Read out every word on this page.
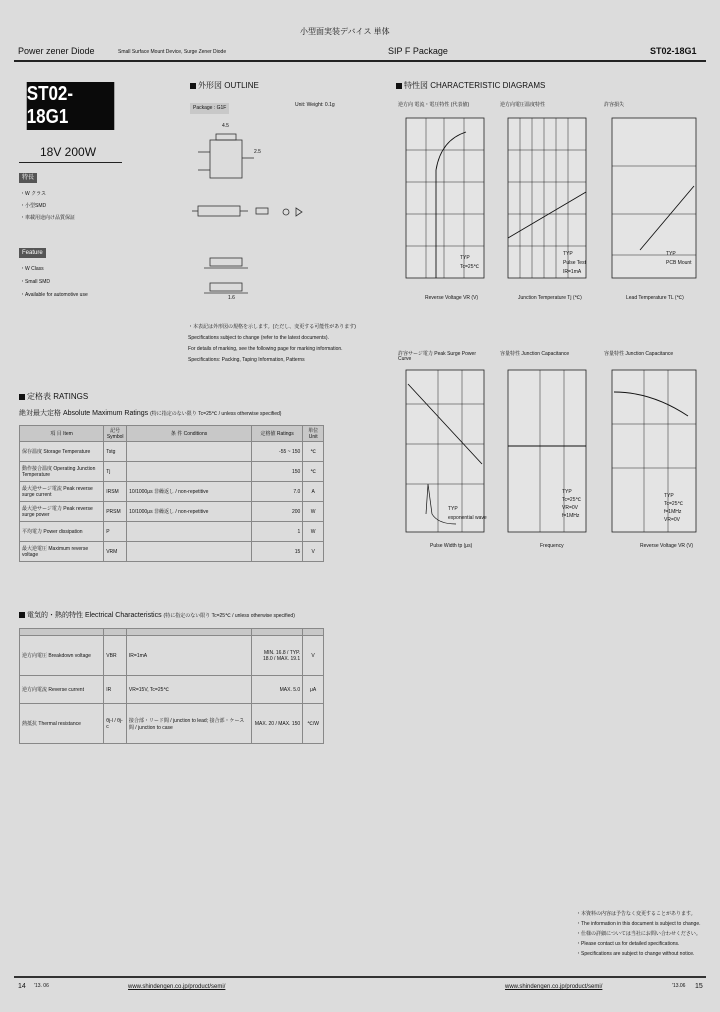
小型面実装デバイス 単体
Power zener Diode	Small Surface Mount Device, Surge Zener Diode	SIP F Package	ST02-18G1
ST02-18G1
18V 200W
特長
・W クラス
・小型SMD
・車載用途向け品質保証
Feature
・W Class
・Small SMD
・Available for automotive use
外形図 OUTLINE
Package : G1F	Unit: Weight: 0.1g
4.5
2.5
1.6
・本表記は外形図の規格を示します。(ただし、変更する可能性があります)
Specifications subject to change (refer to the latest documents).
For details of marking, see the following page for marking information.
Specifications: Packing, Taping Information, Patterns
特性図 CHARACTERISTIC DIAGRAMS
逆方向 電流・電圧特性 (代表値)
TYP
Tc=25℃
Reverse Voltage VR (V)
逆方向電圧温度特性
TYP
Pulse Test
IR=1mA
Junction Temperature Tj (℃)
許容損失
TYP
PCB Mount
Lead Temperature TL (℃)
許容サージ電力 Peak Surge Power Curve
TYP
exponential wave
Pulse Width tp (μs)
容量特性 Junction Capacitance
TYP
Tc=25℃
VR=0V
f=1MHz
Frequency
容量特性 Junction Capacitance
TYP
Tc=25℃
f=1MHz
VR=0V
Reverse Voltage VR (V)
定格表 RATINGS
絶対最大定格 Absolute Maximum Ratings (特に指定のない限り Tc=25℃ / unless otherwise specified)
項 目 Item	記号 Symbol	条 件 Conditions	定格値 Ratings	単位 Unit
保存温度 Storage Temperature	Tstg		-55 ~ 150	℃
動作接合温度 Operating Junction Temperature	Tj		150	℃
最大逆サージ電流 Peak reverse surge current	IRSM	10/1000μs 非繰返し / non-repetitive	7.0	A
最大逆サージ電力 Peak reverse surge power	PRSM	10/1000μs 非繰返し / non-repetitive	200	W
平均電力 Power dissipation	P		1	W
最大逆電圧 Maximum reverse voltage	VRM		15	V
電気的・熱的特性 Electrical Characteristics (特に指定のない限り Tc=25℃ / unless otherwise specified)

逆方向電圧 Breakdown voltage	VBR	IR=1mA	MIN. 16.8 / TYP. 18.0 / MAX. 19.1	V
逆方向電流 Reverse current	IR	VR=15V, Tc=25℃	MAX. 5.0	μA
熱抵抗 Thermal resistance	θj-l / θj-c	接合部・リード間 / junction to lead; 接合部・ケース間 / junction to case	MAX. 20 / MAX. 150	℃/W
・本資料の内容は予告なく変更することがあります。
・The information in this document is subject to change.
・仕様の詳細については当社にお問い合わせください。
・Please contact us for detailed specifications.
・Specifications are subject to change without notice.
14 '13. 06	www.shindengen.co.jp/product/semi/	www.shindengen.co.jp/product/semi/	'13.06 15
